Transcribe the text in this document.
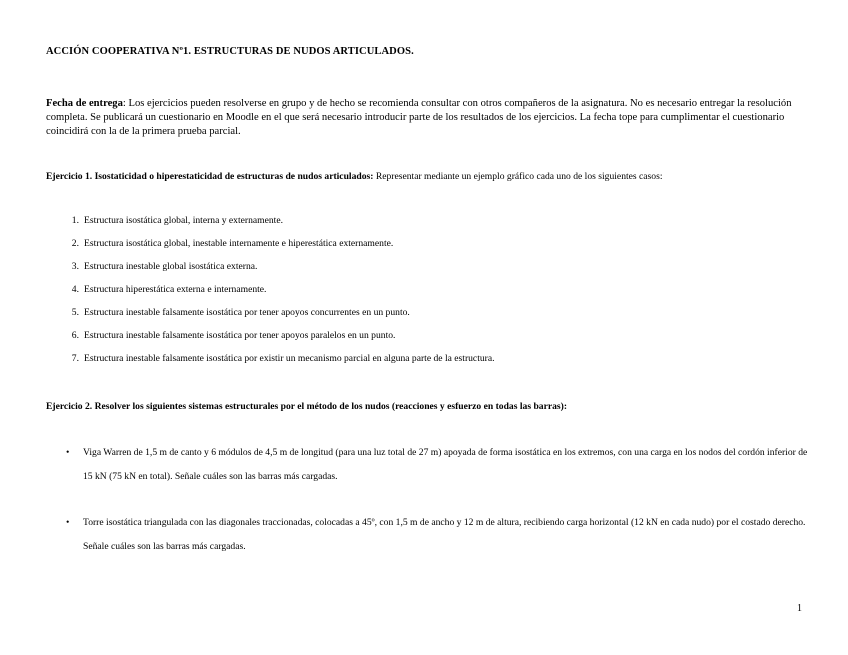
ACCIÓN COOPERATIVA Nº1. ESTRUCTURAS DE NUDOS ARTICULADOS.
Fecha de entrega: Los ejercicios pueden resolverse en grupo y de hecho se recomienda consultar con otros compañeros de la asignatura. No es necesario entregar la resolución completa. Se publicará un cuestionario en Moodle en el que será necesario introducir parte de los resultados de los ejercicios. La fecha tope para cumplimentar el cuestionario coincidirá con la de la primera prueba parcial.
Ejercicio 1. Isostaticidad o hiperestaticidad de estructuras de nudos articulados: Representar mediante un ejemplo gráfico cada uno de los siguientes casos:
1. Estructura isostática global, interna y externamente.
2. Estructura isostática global, inestable internamente e hiperestática externamente.
3. Estructura inestable global isostática externa.
4. Estructura hiperestática externa e internamente.
5. Estructura inestable falsamente isostática por tener apoyos concurrentes en un punto.
6. Estructura inestable falsamente isostática por tener apoyos paralelos en un punto.
7. Estructura inestable falsamente isostática por existir un mecanismo parcial en alguna parte de la estructura.
Ejercicio 2. Resolver los siguientes sistemas estructurales por el método de los nudos (reacciones y esfuerzo en todas las barras):
•	Viga Warren de 1,5 m de canto y 6 módulos de 4,5 m de longitud (para una luz total de 27 m) apoyada de forma isostática en los extremos, con una carga en los nodos del cordón inferior de 15 kN (75 kN en total). Señale cuáles son las barras más cargadas.
•	Torre isostática triangulada con las diagonales traccionadas, colocadas a 45º, con 1,5 m de ancho y 12 m de altura, recibiendo carga horizontal (12 kN en cada nudo) por el costado derecho. Señale cuáles son las barras más cargadas.
1
